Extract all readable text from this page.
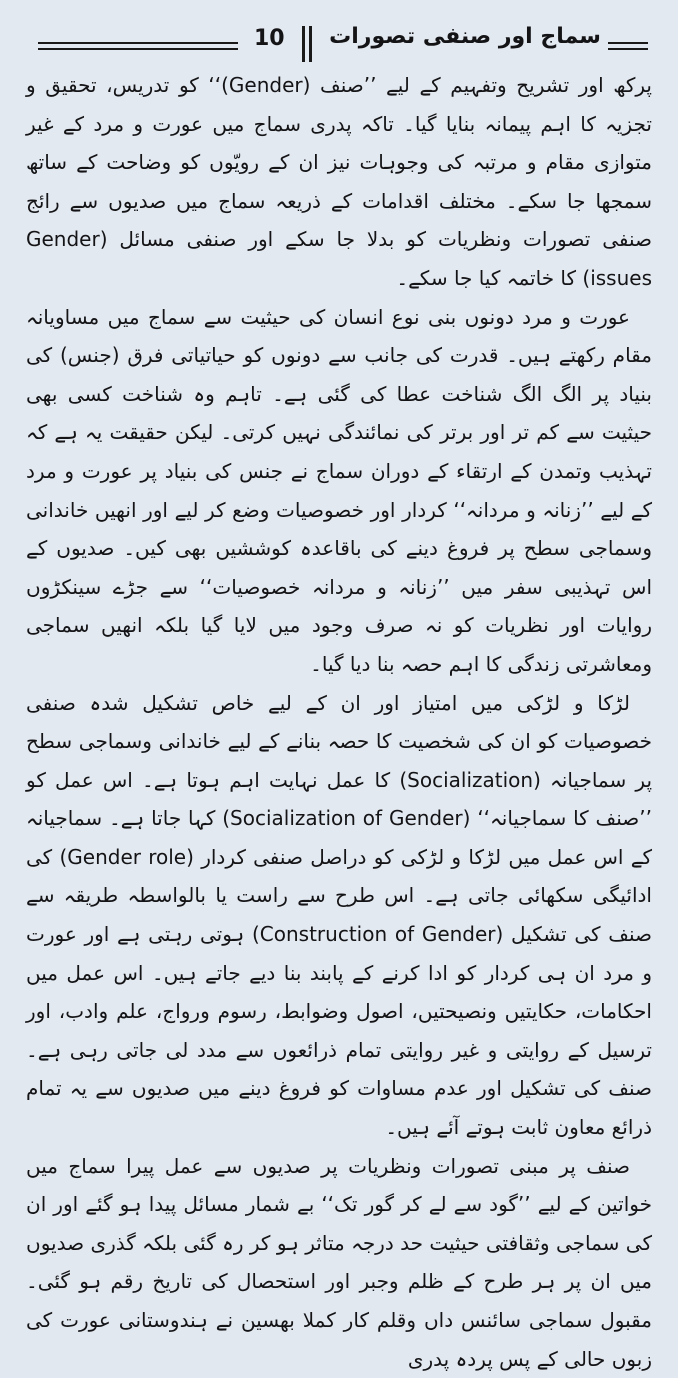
10	سماج اور صنفی تصورات

پرکھ اور تشریح وتفہیم کے لیے ’’صنف (Gender)‘‘ کو تدریس، تحقیق و تجزیہ کا اہم پیمانہ بنایا گیا۔ تاکہ پدری سماج میں عورت و مرد کے غیر متوازی مقام و مرتبہ کی وجوہات نیز ان کے رویّوں کو وضاحت کے ساتھ سمجھا جا سکے۔ مختلف اقدامات کے ذریعہ سماج میں صدیوں سے رائج صنفی تصورات ونظریات کو بدلا جا سکے اور صنفی مسائل (Gender issues) کا خاتمہ کیا جا سکے۔

عورت و مرد دونوں بنی نوع انسان کی حیثیت سے سماج میں مساویانہ مقام رکھتے ہیں۔ قدرت کی جانب سے دونوں کو حیاتیاتی فرق (جنس) کی بنیاد پر الگ الگ شناخت عطا کی گئی ہے۔ تاہم وہ شناخت کسی بھی حیثیت سے کم تر اور برتر کی نمائندگی نہیں کرتی۔ لیکن حقیقت یہ ہے کہ تہذیب وتمدن کے ارتقاء کے دوران سماج نے جنس کی بنیاد پر عورت و مرد کے لیے ’’زنانہ و مردانہ‘‘ کردار اور خصوصیات وضع کر لیے اور انھیں خاندانی وسماجی سطح پر فروغ دینے کی باقاعدہ کوششیں بھی کیں۔ صدیوں کے اس تہذیبی سفر میں ’’زنانہ و مردانہ خصوصیات‘‘ سے جڑے سینکڑوں روایات اور نظریات کو نہ صرف وجود میں لایا گیا بلکہ انھیں سماجی ومعاشرتی زندگی کا اہم حصہ بنا دیا گیا۔

لڑکا و لڑکی میں امتیاز اور ان کے لیے خاص تشکیل شدہ صنفی خصوصیات کو ان کی شخصیت کا حصہ بنانے کے لیے خاندانی وسماجی سطح پر سماجیانہ (Socialization) کا عمل نہایت اہم ہوتا ہے۔ اس عمل کو ’’صنف کا سماجیانہ‘‘ (Socialization of Gender) کہا جاتا ہے۔ سماجیانہ کے اس عمل میں لڑکا و لڑکی کو دراصل صنفی کردار (Gender role) کی ادائیگی سکھائی جاتی ہے۔ اس طرح سے راست یا بالواسطہ طریقہ سے صنف کی تشکیل (Construction of Gender) ہوتی رہتی ہے اور عورت و مرد ان ہی کردار کو ادا کرنے کے پابند بنا دیے جاتے ہیں۔ اس عمل میں احکامات، حکایتیں ونصیحتیں، اصول وضوابط، رسوم ورواج، علم وادب، اور ترسیل کے روایتی و غیر روایتی تمام ذرائعوں سے مدد لی جاتی رہی ہے۔ صنف کی تشکیل اور عدم مساوات کو فروغ دینے میں صدیوں سے یہ تمام ذرائع معاون ثابت ہوتے آئے ہیں۔

صنف پر مبنی تصورات ونظریات پر صدیوں سے عمل پیرا سماج میں خواتین کے لیے ’’گود سے لے کر گور تک‘‘ بے شمار مسائل پیدا ہو گئے اور ان کی سماجی وثقافتی حیثیت حد درجہ متاثر ہو کر رہ گئی بلکہ گذری صدیوں میں ان پر ہر طرح کے ظلم وجبر اور استحصال کی تاریخ رقم ہو گئی۔ مقبول سماجی سائنس داں وقلم کار کملا بھسین نے ہندوستانی عورت کی زبوں حالی کے پس پردہ پدری
